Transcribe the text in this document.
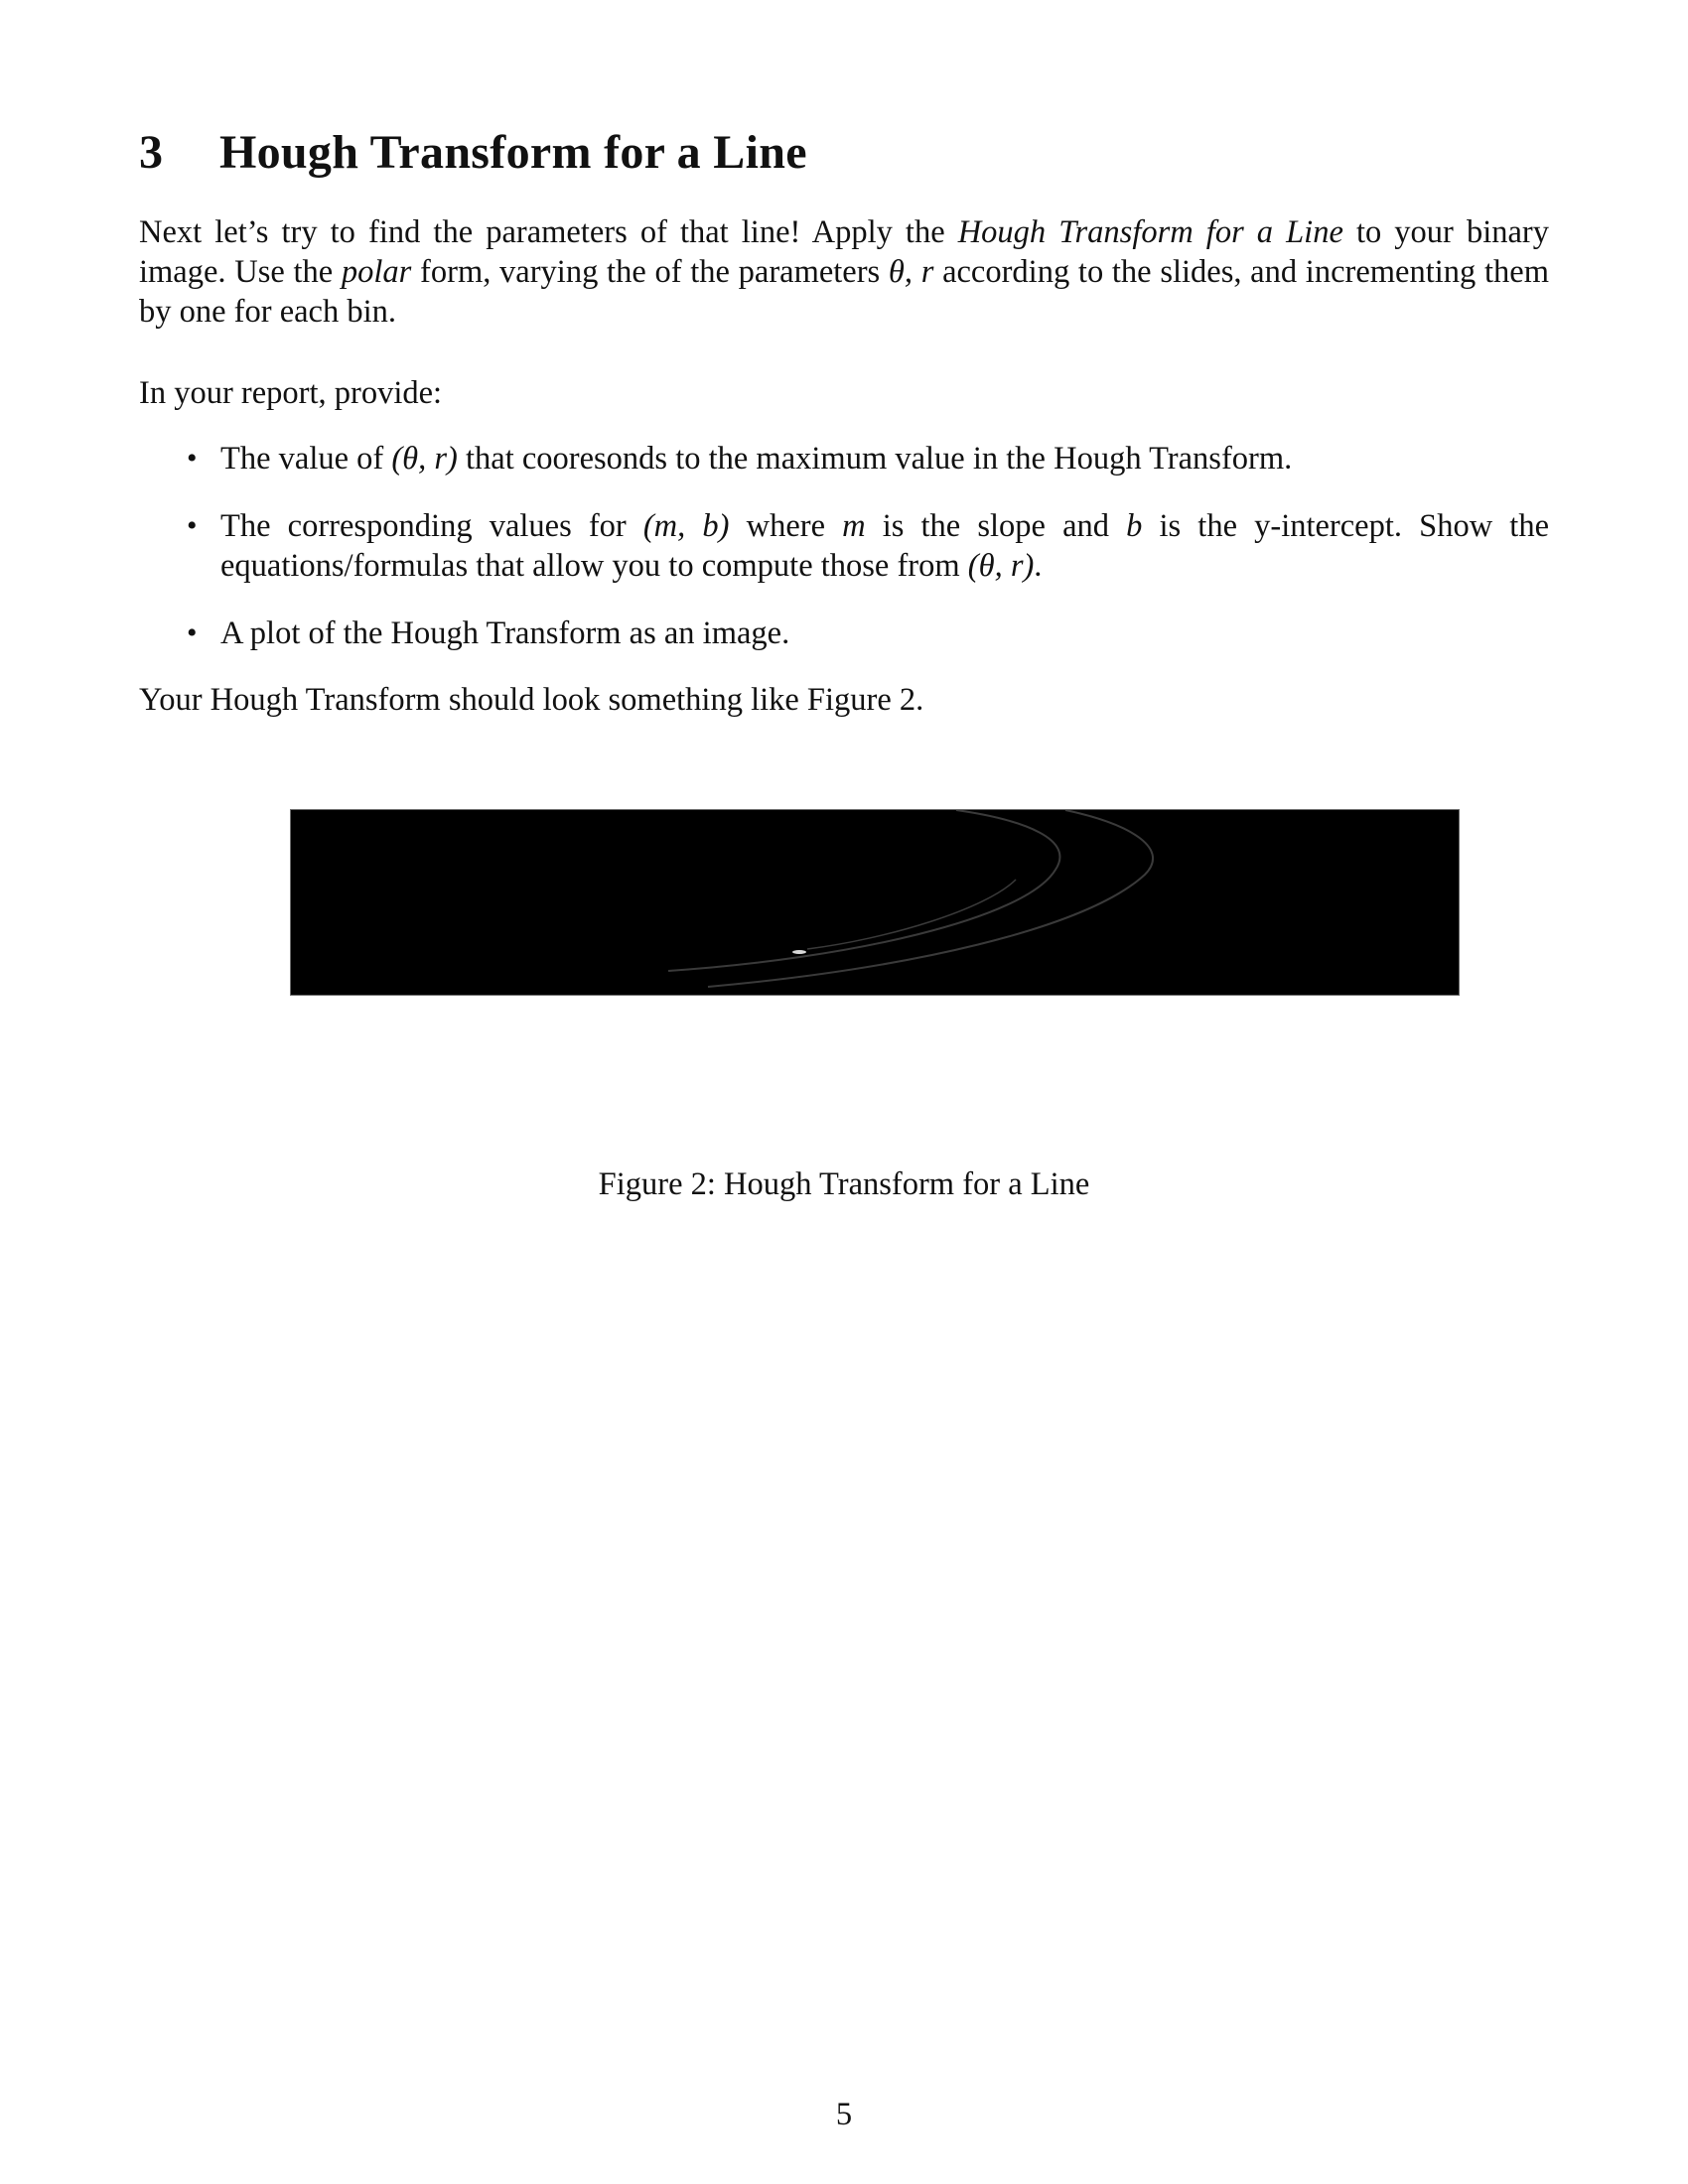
3 Hough Transform for a Line

Next let’s try to find the parameters of that line! Apply the Hough Transform for a Line to your binary image. Use the polar form, varying the of the parameters θ, r according to the slides, and incrementing them by one for each bin.

In your report, provide:

• The value of (θ, r) that cooresonds to the maximum value in the Hough Transform.
• The corresponding values for (m, b) where m is the slope and b is the y-intercept. Show the equations/formulas that allow you to compute those from (θ, r).
• A plot of the Hough Transform as an image.

Your Hough Transform should look something like Figure 2.

Figure 2: Hough Transform for a Line

5
